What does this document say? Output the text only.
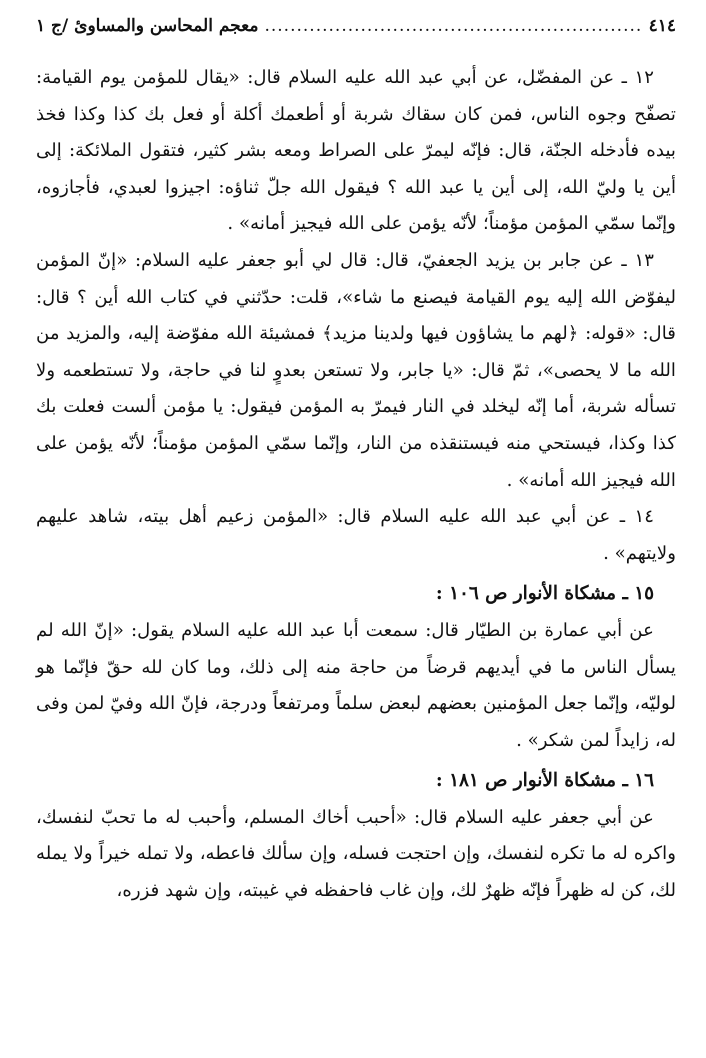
٤١٤
.....
معجم المحاسن والمساوئ /ج ١

١٢ ـ عن المفضّل، عن أبي عبد الله عليه السلام قال: «يقال للمؤمن يوم القيامة: تصفّح وجوه الناس، فمن كان سقاك شربة أو أطعمك أكلة أو فعل بك كذا وكذا فخذ بيده فأدخله الجنّة، قال: فإنّه ليمرّ على الصراط ومعه بشر كثير، فتقول الملائكة: إلى أين يا وليّ الله، إلى أين يا عبد الله ؟ فيقول الله جلّ ثناؤه: اجيزوا لعبدي، فأجازوه، وإنّما سمّي المؤمن مؤمناً؛ لأنّه يؤمن على الله فيجيز أمانه» .

١٣ ـ عن جابر بن يزيد الجعفيّ، قال: قال لي أبو جعفر عليه السلام: «إنّ المؤمن ليفوّض الله إليه يوم القيامة فيصنع ما شاء»، قلت: حدّثني في كتاب الله أين ؟ قال: قال: «قوله: ﴿لهم ما يشاؤون فيها ولدينا مزيد﴾ فمشيئة الله مفوّضة إليه، والمزيد من الله ما لا يحصى»، ثمّ قال: «يا جابر، ولا تستعن بعدوٍ لنا في حاجة، ولا تستطعمه ولا تسأله شربة، أما إنّه ليخلد في النار فيمرّ به المؤمن فيقول: يا مؤمن ألست فعلت بك كذا وكذا، فيستحي منه فيستنقذه من النار، وإنّما سمّي المؤمن مؤمناً؛ لأنّه يؤمن على الله فيجيز الله أمانه» .

١٤ ـ عن أبي عبد الله عليه السلام قال: «المؤمن زعيم أهل بيته، شاهد عليهم ولايتهم» .

١٥ ـ مشكاة الأنوار ص ١٠٦ :

عن أبي عمارة بن الطيّار قال: سمعت أبا عبد الله عليه السلام يقول: «إنّ الله لم يسأل الناس ما في أيديهم قرضاً من حاجة منه إلى ذلك، وما كان لله حقّ فإنّما هو لوليّه، وإنّما جعل المؤمنين بعضهم لبعض سلماً ومرتفعاً ودرجة، فإنّ الله وفيّ لمن وفى له، زايداً لمن شكر» .

١٦ ـ مشكاة الأنوار ص ١٨١ :

عن أبي جعفر عليه السلام قال: «أحبب أخاك المسلم، وأحبب له ما تحبّ لنفسك، واكره له ما تكره لنفسك، وإن احتجت فسله، وإن سألك فاعطه، ولا تمله خيراً ولا يمله لك، كن له ظهراً فإنّه ظهرٌ لك، وإن غاب فاحفظه في غيبته، وإن شهد فزره،
